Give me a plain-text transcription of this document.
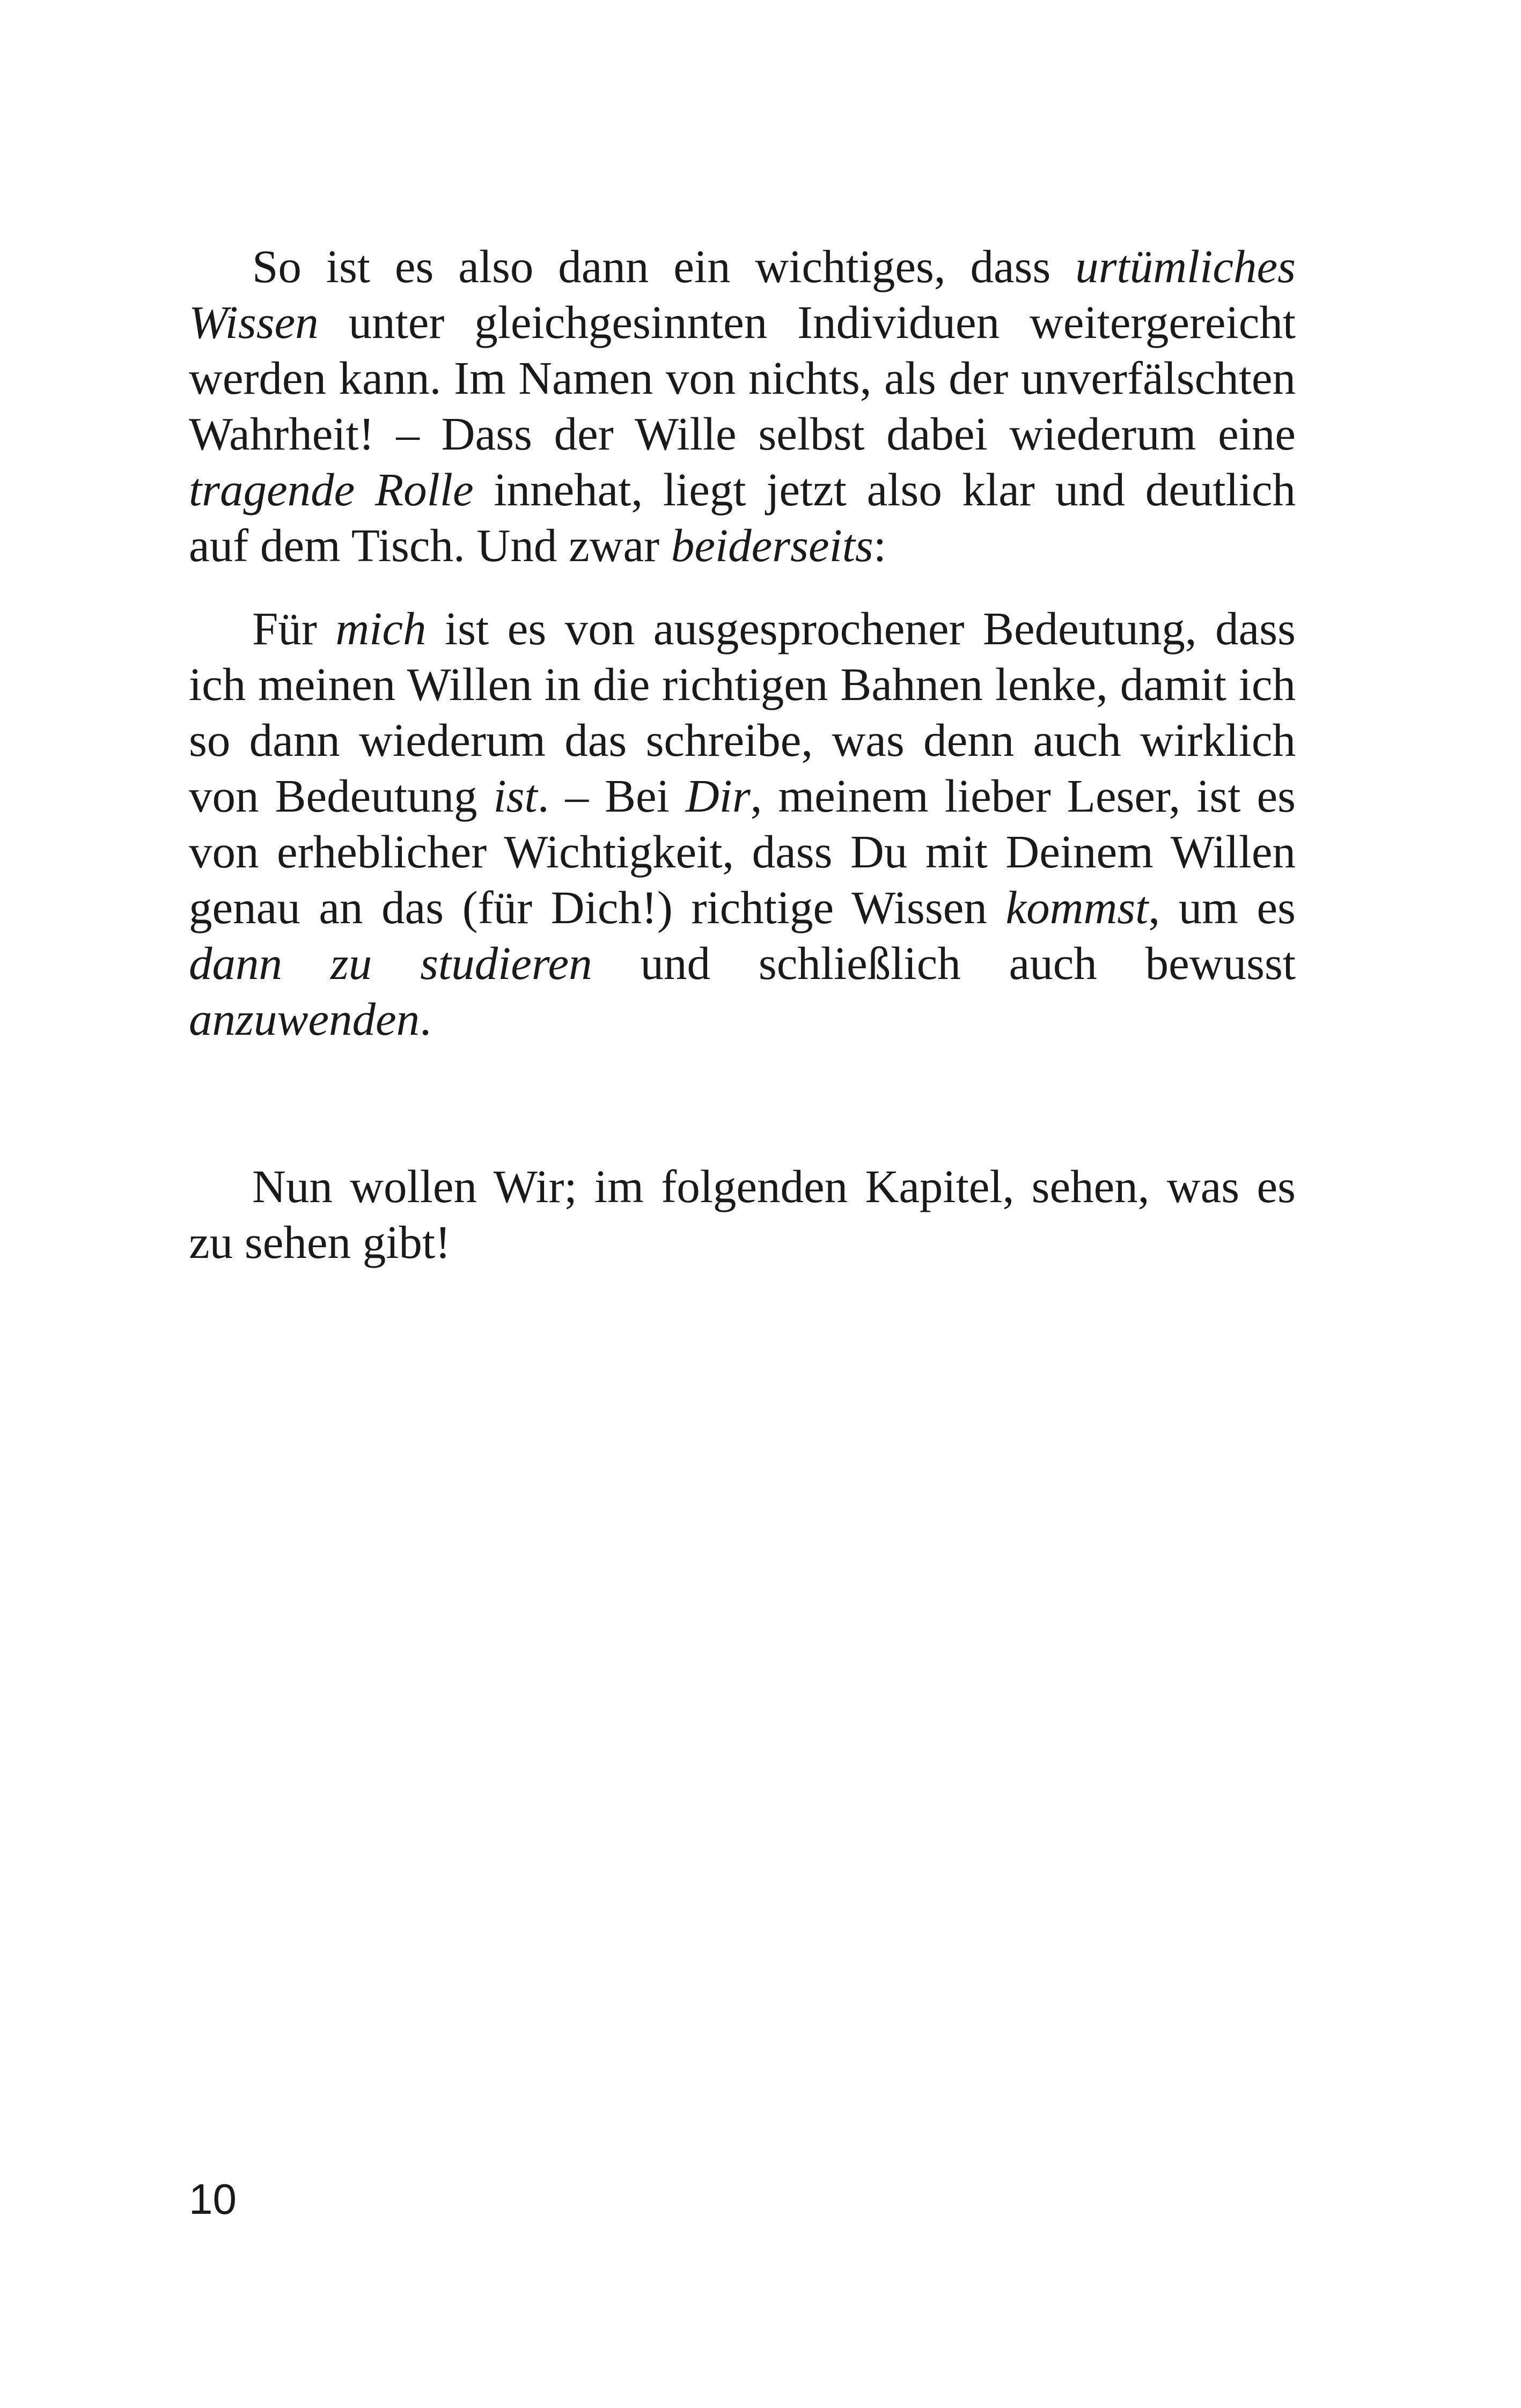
So ist es also dann ein wichtiges, dass urtümliches Wissen unter gleichgesinnten Individuen weitergereicht werden kann. Im Namen von nichts, als der unverfälschten Wahrheit! – Dass der Wille selbst dabei wiederum eine tragende Rolle innehat, liegt jetzt also klar und deutlich auf dem Tisch. Und zwar beiderseits:

Für mich ist es von ausgesprochener Bedeutung, dass ich meinen Willen in die richtigen Bahnen lenke, damit ich so dann wiederum das schreibe, was denn auch wirklich von Bedeutung ist. – Bei Dir, meinem lieber Leser, ist es von erheblicher Wichtigkeit, dass Du mit Deinem Willen genau an das (für Dich!) richtige Wissen kommst, um es dann zu studieren und schließlich auch bewusst anzuwenden.

Nun wollen Wir; im folgenden Kapitel, sehen, was es zu sehen gibt!

10
